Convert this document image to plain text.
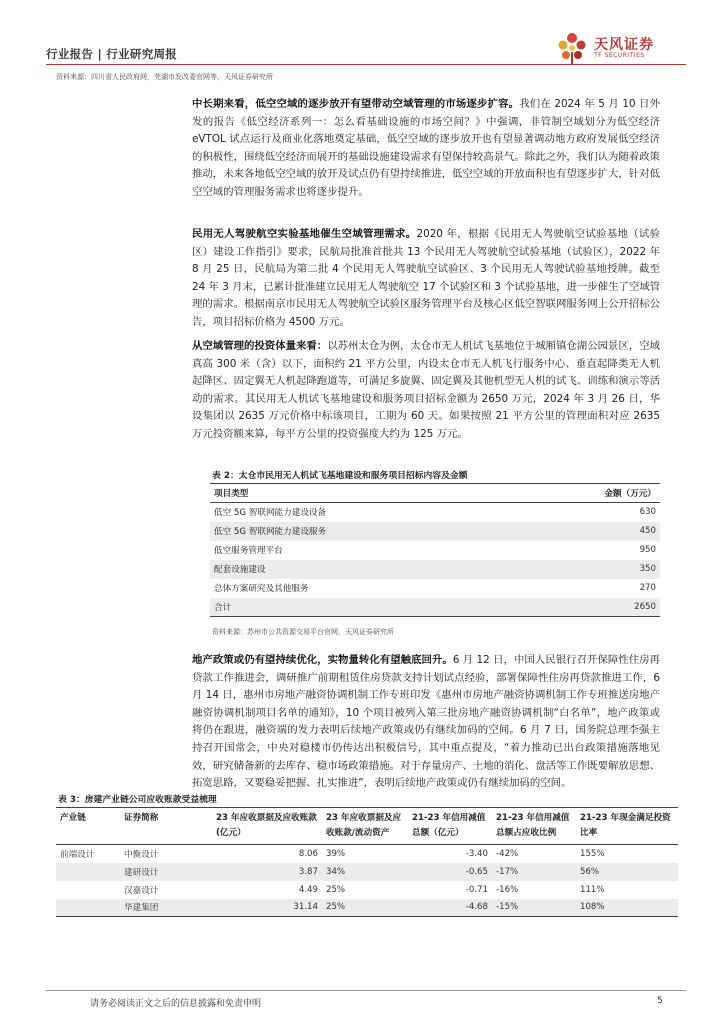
行业报告 | 行业研究周报
天风证券
TF SECURITIES
资料来源：四川省人民政府网，芜湖市发改委官网等，天风证券研究所
中长期来看，低空空域的逐步放开有望带动空域管理的市场逐步扩容。我们在 2024 年 5 月 10 日外发的报告《低空经济系列一：怎么看基础设施的市场空间？》中强调，非管制空域划分为低空经济 eVTOL 试点运行及商业化落地奠定基础，低空空域的逐步放开也有望显著调动地方政府发展低空经济的积极性，围绕低空经济而展开的基础设施建设需求有望保持较高景气。除此之外，我们认为随着政策推动，未来各地低空空域的放开及试点仍有望持续推进，低空空域的开放面积也有望逐步扩大，针对低空空域的管理服务需求也将逐步提升。
民用无人驾驶航空实验基地催生空域管理需求。2020 年，根据《民用无人驾驶航空试验基地（试验区）建设工作指引》要求，民航局批准首批共 13 个民用无人驾驶航空试验基地（试验区），2022 年 8 月 25 日，民航局为第二批 4 个民用无人驾驶航空试验区、3 个民用无人驾驶试验基地授牌。截至 24 年 3 月末，已累计批准建立民用无人驾驶航空 17 个试验区和 3 个试验基地，进一步催生了空域管理的需求。根据南京市民用无人驾驶航空试验区服务管理平台及核心区低空智联网服务网上公开招标公告，项目招标价格为 4500 万元。
从空域管理的投资体量来看：以苏州太仓为例，太仓市无人机试飞基地位于城厢镇仓湖公园景区，空域真高 300 米（含）以下，面积约 21 平方公里，内设太仓市无人机飞行服务中心、垂直起降类无人机起降区、固定翼无人机起降跑道等，可满足多旋翼、固定翼及其他机型无人机的试飞、训练和演示等活动的需求。其民用无人机试飞基地建设和服务项目招标金额为 2650 万元，2024 年 3 月 26 日，华设集团以 2635 万元价格中标该项目，工期为 60 天。如果按照 21 平方公里的管理面积对应 2635 万元投资额来算，每平方公里的投资强度大约为 125 万元。
表 2：太仓市民用无人机试飞基地建设和服务项目招标内容及金额
项目类型	金额（万元）
低空 5G 智联网能力建设设备	630
低空 5G 智联网能力建设服务	450
低空服务管理平台	950
配套设施建设	350
总体方案研究及其他服务	270
合计	2650
资料来源：苏州市公共资源交易平台官网，天风证券研究所
地产政策或仍有望持续优化，实物量转化有望触底回升。6 月 12 日，中国人民银行召开保障性住房再贷款工作推进会，调研推广前期租赁住房贷款支持计划试点经验，部署保障性住房再贷款推进工作，6 月 14 日，惠州市房地产融资协调机制工作专班印发《惠州市房地产融资协调机制工作专班推送房地产融资协调机制项目名单的通知》，10 个项目被列入第三批房地产融资协调机制“白名单”，地产政策或将仍在跟进，融资端的发力表明后续地产政策或仍有继续加码的空间。6 月 7 日，国务院总理李强主持召开国常会，中央对稳楼市仍传达出积极信号，其中重点提及，“着力推动已出台政策措施落地见效，研究储备新的去库存、稳市场政策措施。对于存量房产、土地的消化、盘活等工作既要解放思想、拓宽思路，又要稳妥把握、扎实推进”，表明后续地产政策或仍有继续加码的空间。
表 3：房建产业链公司应收账款受益梳理
产业链	证券简称	23 年应收票据及应收账款(亿元）	23 年应收票据及应收账款/流动资产	21-23 年信用减值总额（亿元）	21-23 年信用减值总额占应收比例	21-23 年现金满足投资比率
前端设计	中衡设计	8.06	39%	-3.40	-42%	155%
	建研设计	3.87	34%	-0.65	-17%	56%
	汉嘉设计	4.49	25%	-0.71	-16%	111%
	华建集团	31.14	25%	-4.68	-15%	108%
请务必阅读正文之后的信息披露和免责申明	5
